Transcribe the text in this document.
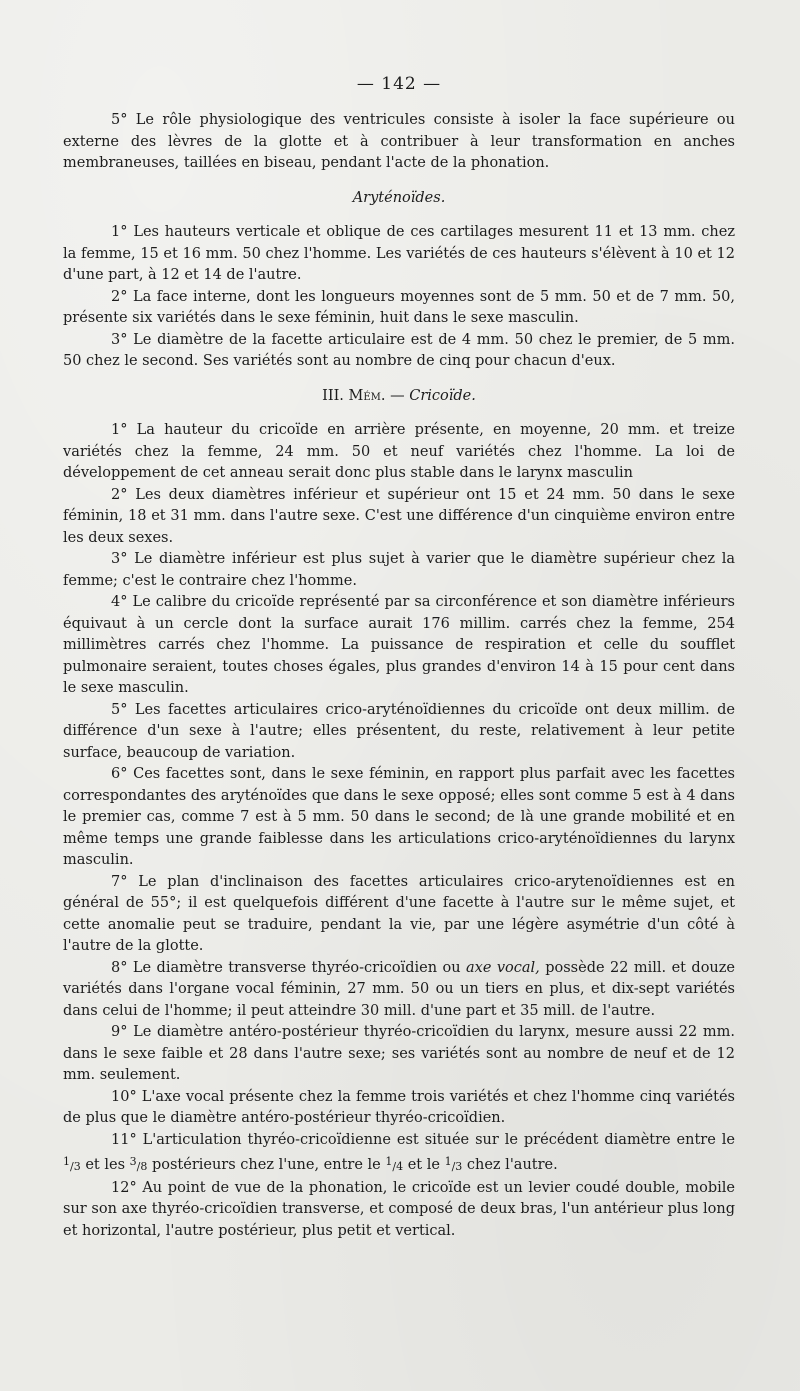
— 142 —

5° Le rôle physiologique des ventricules consiste à isoler la face supérieure ou externe des lèvres de la glotte et à contribuer à leur transformation en anches membraneuses, taillées en biseau, pendant l'acte de la phonation.

Aryténoïdes.

1° Les hauteurs verticale et oblique de ces cartilages mesurent 11 et 13 mm. chez la femme, 15 et 16 mm. 50 chez l'homme. Les variétés de ces hauteurs s'élèvent à 10 et 12 d'une part, à 12 et 14 de l'autre.

2° La face interne, dont les longueurs moyennes sont de 5 mm. 50 et de 7 mm. 50, présente six variétés dans le sexe féminin, huit dans le sexe masculin.

3° Le diamètre de la facette articulaire est de 4 mm. 50 chez le premier, de 5 mm. 50 chez le second. Ses variétés sont au nombre de cinq pour chacun d'eux.

III. Mém. — Cricoïde.

1° La hauteur du cricoïde en arrière présente, en moyenne, 20 mm. et treize variétés chez la femme, 24 mm. 50 et neuf variétés chez l'homme. La loi de développement de cet anneau serait donc plus stable dans le larynx masculin

2° Les deux diamètres inférieur et supérieur ont 15 et 24 mm. 50 dans le sexe féminin, 18 et 31 mm. dans l'autre sexe. C'est une différence d'un cinquième environ entre les deux sexes.

3° Le diamètre inférieur est plus sujet à varier que le diamètre supérieur chez la femme; c'est le contraire chez l'homme.

4° Le calibre du cricoïde représenté par sa circonférence et son diamètre inférieurs équivaut à un cercle dont la surface aurait 176 millim. carrés chez la femme, 254 millimètres carrés chez l'homme. La puissance de respiration et celle du soufflet pulmonaire seraient, toutes choses égales, plus grandes d'environ 14 à 15 pour cent dans le sexe masculin.

5° Les facettes articulaires crico-aryténoïdiennes du cricoïde ont deux millim. de différence d'un sexe à l'autre; elles présentent, du reste, relativement à leur petite surface, beaucoup de variation.

6° Ces facettes sont, dans le sexe féminin, en rapport plus parfait avec les facettes correspondantes des aryténoïdes que dans le sexe opposé; elles sont comme 5 est à 4 dans le premier cas, comme 7 est à 5 mm. 50 dans le second; de là une grande mobilité et en même temps une grande faiblesse dans les articulations crico-aryténoïdiennes du larynx masculin.

7° Le plan d'inclinaison des facettes articulaires crico-arytenoïdiennes est en général de 55°; il est quelquefois différent d'une facette à l'autre sur le même sujet, et cette anomalie peut se traduire, pendant la vie, par une légère asymétrie d'un côté à l'autre de la glotte.

8° Le diamètre transverse thyréo-cricoïdien ou axe vocal, possède 22 mill. et douze variétés dans l'organe vocal féminin, 27 mm. 50 ou un tiers en plus, et dix-sept variétés dans celui de l'homme; il peut atteindre 30 mill. d'une part et 35 mill. de l'autre.

9° Le diamètre antéro-postérieur thyréo-cricoïdien du larynx, mesure aussi 22 mm. dans le sexe faible et 28 dans l'autre sexe; ses variétés sont au nombre de neuf et de 12 mm. seulement.

10° L'axe vocal présente chez la femme trois variétés et chez l'homme cinq variétés de plus que le diamètre antéro-postérieur thyréo-cricoïdien.

11° L'articulation thyréo-cricoïdienne est située sur le précédent diamètre entre le $^1$/3 et les $^3$/8 postérieurs chez l'une, entre le $^1$/4 et le $^1$/3 chez l'autre.

12° Au point de vue de la phonation, le cricoïde est un levier coudé double, mobile sur son axe thyréo-cricoïdien transverse, et composé de deux bras, l'un antérieur plus long et horizontal, l'autre postérieur, plus petit et vertical.
